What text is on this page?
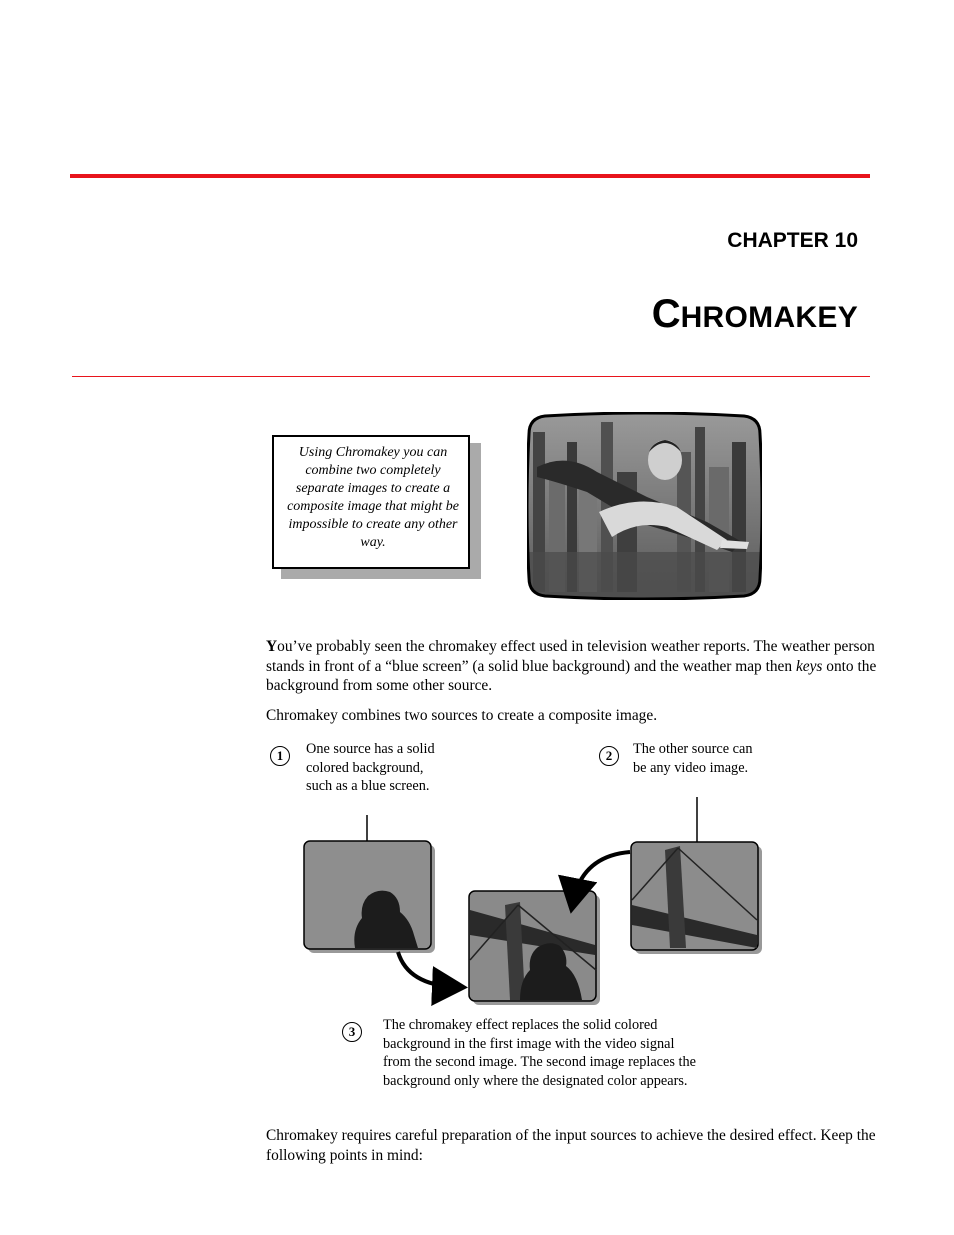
CHAPTER 10
CHROMAKEY
Using Chromakey you can combine two completely separate images to create a composite image that might be impossible to create any other way.
You’ve probably seen the chromakey effect used in television weather reports. The weather person stands in front of a “blue screen” (a solid blue background) and the weather map then keys onto the background from some other source.
Chromakey combines two sources to create a composite image.
1	One source has a solid colored background, such as a blue screen.
2	The other source can be any video image.
3	The chromakey effect replaces the solid colored background in the first image with the video signal from the second image. The second image replaces the background only where the designated color appears.
Chromakey requires careful preparation of the input sources to achieve the desired effect. Keep the following points in mind:
